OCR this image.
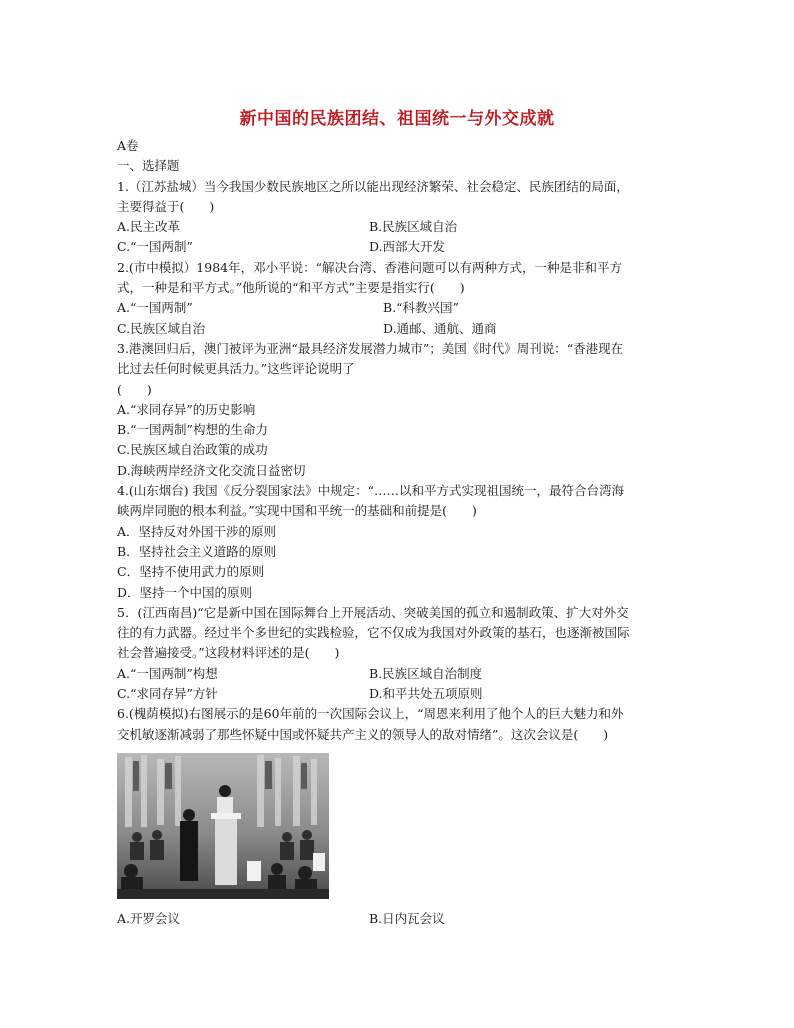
新中国的民族团结、祖国统一与外交成就
A卷
一、选择题
1.（江苏盐城）当今我国少数民族地区之所以能出现经济繁荣、社会稳定、民族团结的局面，
主要得益于(　　)
A.民主改革	B.民族区域自治
C.“一国两制”	D.西部大开发
2.(市中模拟）1984年，邓小平说：“解决台湾、香港问题可以有两种方式，一种是非和平方
式，一种是和平方式。”他所说的“和平方式”主要是指实行(　　)
A.“一国两制”	B.“科教兴国”
C.民族区域自治	D.通邮、通航、通商
3.港澳回归后，澳门被评为亚洲“最具经济发展潜力城市”；美国《时代》周刊说：“香港现在
比过去任何时候更具活力。”这些评论说明了
(　　)
A.“求同存异”的历史影响
B.“一国两制”构想的生命力
C.民族区域自治政策的成功
D.海峡两岸经济文化交流日益密切
4.(山东烟台) 我国《反分裂国家法》中规定：“……以和平方式实现祖国统一，最符合台湾海
峡两岸同胞的根本利益。”实现中国和平统一的基础和前提是(　　)
A．坚持反对外国干涉的原则
B．坚持社会主义道路的原则
C．坚持不使用武力的原则
D．坚持一个中国的原则
5．(江西南昌)“它是新中国在国际舞台上开展活动、突破美国的孤立和遏制政策、扩大对外交
往的有力武器。经过半个多世纪的实践检验，它不仅成为我国对外政策的基石，也逐渐被国际
社会普遍接受。”这段材料评述的是(　　)
A.“一国两制”构想	B.民族区域自治制度
C.“求同存异”方针	D.和平共处五项原则
6.(槐荫模拟)右图展示的是60年前的一次国际会议上，“周恩来利用了他个人的巨大魅力和外
交机敏逐渐减弱了那些怀疑中国或怀疑共产主义的领导人的敌对情绪”。这次会议是(　　)
A.开罗会议	B.日内瓦会议
